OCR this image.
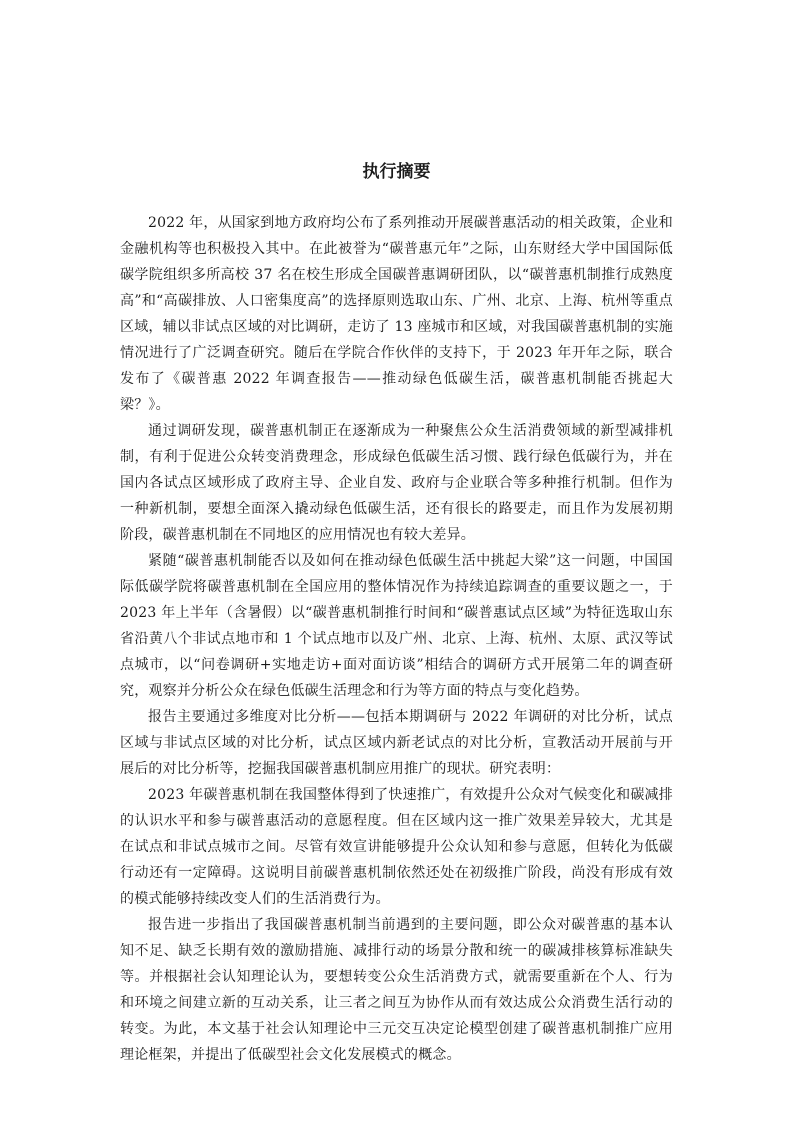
执行摘要

2022 年，从国家到地方政府均公布了系列推动开展碳普惠活动的相关政策，企业和金融机构等也积极投入其中。在此被誉为“碳普惠元年”之际，山东财经大学中国国际低碳学院组织多所高校 37 名在校生形成全国碳普惠调研团队，以“碳普惠机制推行成熟度高”和“高碳排放、人口密集度高”的选择原则选取山东、广州、北京、上海、杭州等重点区域，辅以非试点区域的对比调研，走访了 13 座城市和区域，对我国碳普惠机制的实施情况进行了广泛调查研究。随后在学院合作伙伴的支持下，于 2023 年开年之际，联合发布了《碳普惠 2022 年调查报告——推动绿色低碳生活，碳普惠机制能否挑起大梁？》。

通过调研发现，碳普惠机制正在逐渐成为一种聚焦公众生活消费领域的新型减排机制，有利于促进公众转变消费理念，形成绿色低碳生活习惯、践行绿色低碳行为，并在国内各试点区域形成了政府主导、企业自发、政府与企业联合等多种推行机制。但作为一种新机制，要想全面深入撬动绿色低碳生活，还有很长的路要走，而且作为发展初期阶段，碳普惠机制在不同地区的应用情况也有较大差异。

紧随“碳普惠机制能否以及如何在推动绿色低碳生活中挑起大梁”这一问题，中国国际低碳学院将碳普惠机制在全国应用的整体情况作为持续追踪调查的重要议题之一，于 2023 年上半年（含暑假）以“碳普惠机制推行时间和“碳普惠试点区域”为特征选取山东省沿黄八个非试点地市和 1 个试点地市以及广州、北京、上海、杭州、太原、武汉等试点城市，以“问卷调研+实地走访+面对面访谈”相结合的调研方式开展第二年的调查研究，观察并分析公众在绿色低碳生活理念和行为等方面的特点与变化趋势。

报告主要通过多维度对比分析——包括本期调研与 2022 年调研的对比分析，试点区域与非试点区域的对比分析，试点区域内新老试点的对比分析，宣教活动开展前与开展后的对比分析等，挖掘我国碳普惠机制应用推广的现状。研究表明：

2023 年碳普惠机制在我国整体得到了快速推广，有效提升公众对气候变化和碳减排的认识水平和参与碳普惠活动的意愿程度。但在区域内这一推广效果差异较大，尤其是在试点和非试点城市之间。尽管有效宣讲能够提升公众认知和参与意愿，但转化为低碳行动还有一定障碍。这说明目前碳普惠机制依然还处在初级推广阶段，尚没有形成有效的模式能够持续改变人们的生活消费行为。

报告进一步指出了我国碳普惠机制当前遇到的主要问题，即公众对碳普惠的基本认知不足、缺乏长期有效的激励措施、减排行动的场景分散和统一的碳减排核算标准缺失等。并根据社会认知理论认为，要想转变公众生活消费方式，就需要重新在个人、行为和环境之间建立新的互动关系，让三者之间互为协作从而有效达成公众消费生活行动的转变。为此，本文基于社会认知理论中三元交互决定论模型创建了碳普惠机制推广应用理论框架，并提出了低碳型社会文化发展模式的概念。
